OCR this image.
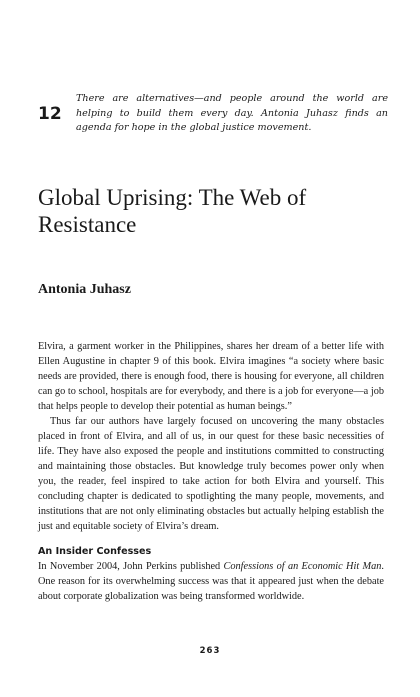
12
There are alternatives—and people around the world are helping to build them every day. Antonia Juhasz finds an agenda for hope in the global justice movement.
Global Uprising: The Web of Resistance
Antonia Juhasz

Elvira, a garment worker in the Philippines, shares her dream of a better life with Ellen Augustine in chapter 9 of this book. Elvira imagines “a society where basic needs are provided, there is enough food, there is housing for everyone, all children can go to school, hospitals are for everybody, and there is a job for everyone—a job that helps people to develop their potential as human beings.”

Thus far our authors have largely focused on uncovering the many obstacles placed in front of Elvira, and all of us, in our quest for these basic necessities of life. They have also exposed the people and institutions committed to constructing and maintaining those obstacles. But knowledge truly becomes power only when you, the reader, feel inspired to take action for both Elvira and yourself. This concluding chapter is dedicated to spotlighting the many people, movements, and institutions that are not only eliminating obstacles but actually helping establish the just and equitable society of Elvira’s dream.

An Insider Confesses

In November 2004, John Perkins published Confessions of an Economic Hit Man. One reason for its overwhelming success was that it appeared just when the debate about corporate globalization was being transformed worldwide.

263
